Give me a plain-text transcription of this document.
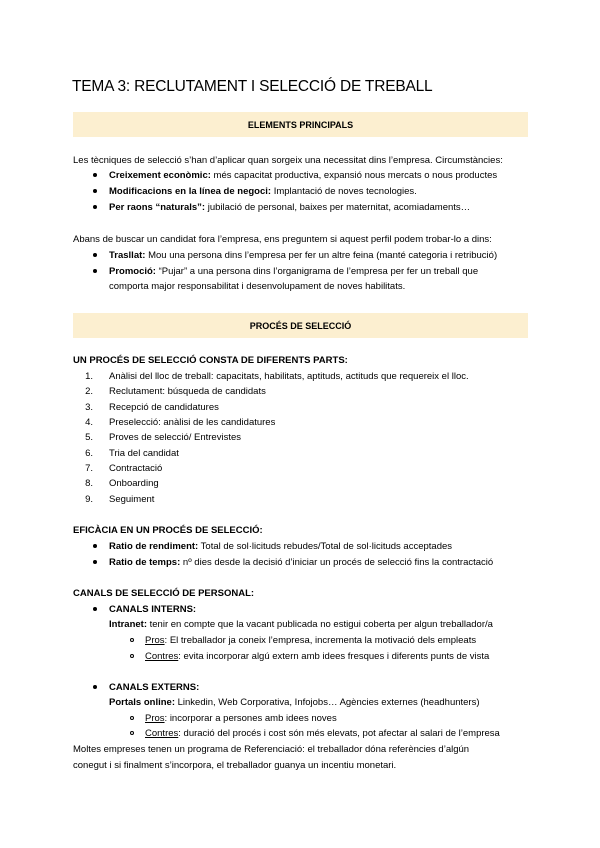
TEMA 3: RECLUTAMENT I SELECCIÓ DE TREBALL
ELEMENTS PRINCIPALS
Les tècniques de selecció s’han d’aplicar quan sorgeix una necessitat dins l’empresa. Circumstàncies:
Creixement econòmic: més capacitat productiva, expansió nous mercats o nous productes
Modificacions en la línea de negoci: Implantació de noves tecnologies.
Per raons “naturals”: jubilació de personal, baixes per maternitat, acomiadaments…
Abans de buscar un candidat fora l’empresa, ens preguntem si aquest perfil podem trobar-lo a dins:
Trasllat: Mou una persona dins l’empresa per fer un altre feina (manté categoria i retribució)
Promoció: “Pujar” a una persona dins l’organigrama de l’empresa per fer un treball que
comporta major responsabilitat i desenvolupament de noves habilitats.
PROCÉS DE SELECCIÓ
UN PROCÉS DE SELECCIÓ CONSTA DE DIFERENTS PARTS:
1. Anàlisi del lloc de treball: capacitats, habilitats, aptituds, actituds que requereix el lloc.
2. Reclutament: búsqueda de candidats
3. Recepció de candidatures
4. Preselecció: anàlisi de les candidatures
5. Proves de selecció/ Entrevistes
6. Tria del candidat
7. Contractació
8. Onboarding
9. Seguiment
EFICÀCIA EN UN PROCÉS DE SELECCIÓ:
Ratio de rendiment: Total de sol·licituds rebudes/Total de sol·licituds acceptades
Ratio de temps: nº dies desde la decisió d’iniciar un procés de selecció fins la contractació
CANALS DE SELECCIÓ DE PERSONAL:
CANALS INTERNS:
Intranet: tenir en compte que la vacant publicada no estigui coberta per algun treballador/a
Pros: El treballador ja coneix l’empresa, incrementa la motivació dels empleats
Contres: evita incorporar algú extern amb idees fresques i diferents punts de vista
CANALS EXTERNS:
Portals online: Linkedin, Web Corporativa, Infojobs… Agències externes (headhunters)
Pros: incorporar a persones amb idees noves
Contres: duració del procés i cost són més elevats, pot afectar al salari de l’empresa
Moltes empreses tenen un programa de Referenciació: el treballador dóna referències d’algún
conegut i si finalment s’incorpora, el treballador guanya un incentiu monetari.
